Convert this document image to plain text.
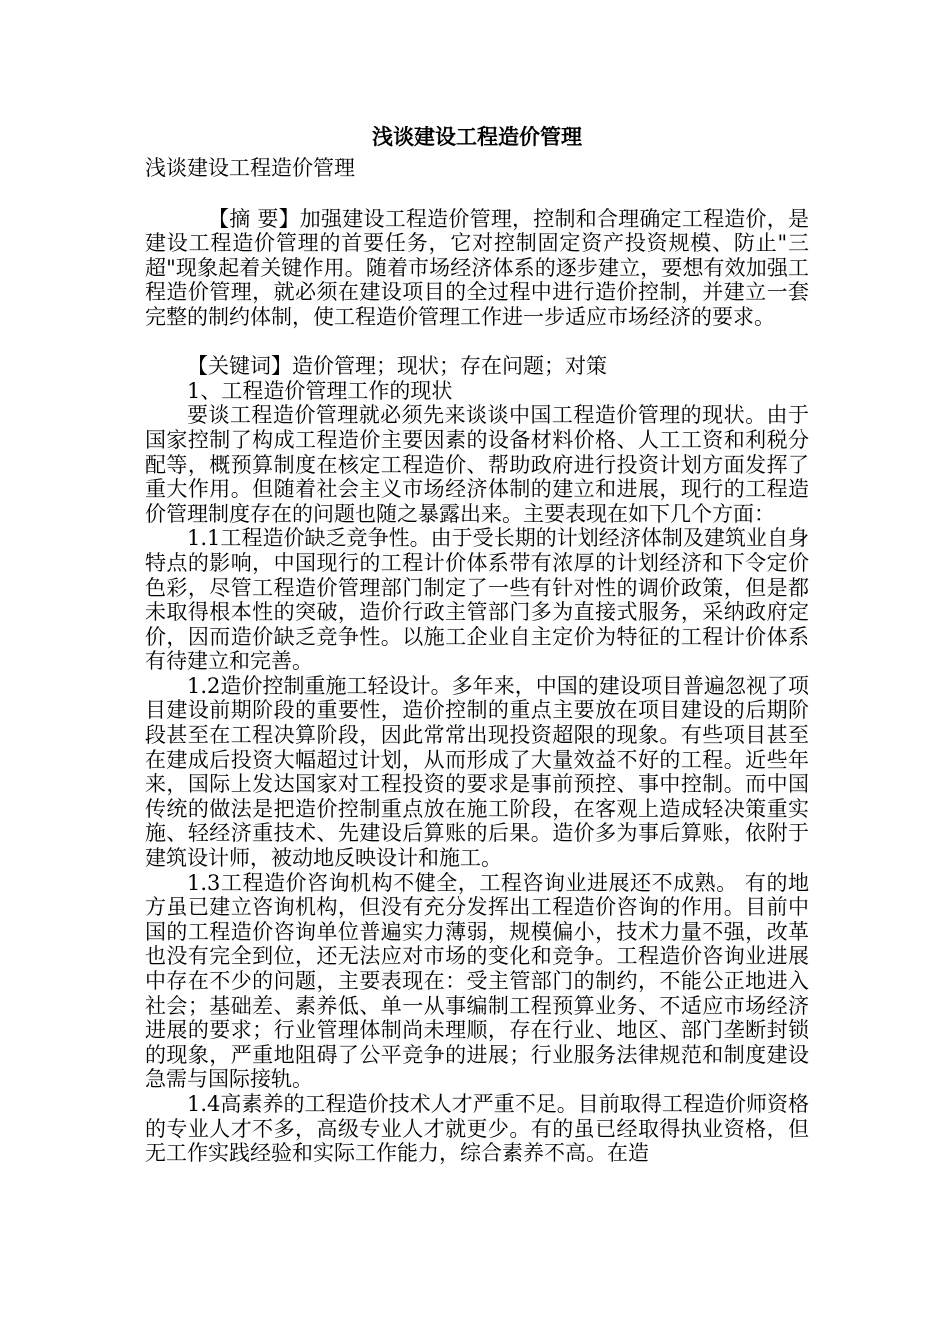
浅谈建设工程造价管理

浅谈建设工程造价管理

【摘 要】加强建设工程造价管理，控制和合理确定工程造价，是建设工程造价管理的首要任务，它对控制固定资产投资规模、防止"三超"现象起着关键作用。随着市场经济体系的逐步建立，要想有效加强工程造价管理，就必须在建设项目的全过程中进行造价控制，并建立一套完整的制约体制，使工程造价管理工作进一步适应市场经济的要求。

【关键词】造价管理；现状；存在问题；对策

1、工程造价管理工作的现状

要谈工程造价管理就必须先来谈谈中国工程造价管理的现状。由于国家控制了构成工程造价主要因素的设备材料价格、人工工资和利税分配等，概预算制度在核定工程造价、帮助政府进行投资计划方面发挥了重大作用。但随着社会主义市场经济体制的建立和进展，现行的工程造价管理制度存在的问题也随之暴露出来。主要表现在如下几个方面：

1.1工程造价缺乏竞争性。由于受长期的计划经济体制及建筑业自身特点的影响，中国现行的工程计价体系带有浓厚的计划经济和下令定价色彩，尽管工程造价管理部门制定了一些有针对性的调价政策，但是都未取得根本性的突破，造价行政主管部门多为直接式服务，采纳政府定价，因而造价缺乏竞争性。以施工企业自主定价为特征的工程计价体系有待建立和完善。

1.2造价控制重施工轻设计。多年来，中国的建设项目普遍忽视了项目建设前期阶段的重要性，造价控制的重点主要放在项目建设的后期阶段甚至在工程决算阶段，因此常常出现投资超限的现象。有些项目甚至在建成后投资大幅超过计划，从而形成了大量效益不好的工程。近些年来，国际上发达国家对工程投资的要求是事前预控、事中控制。而中国传统的做法是把造价控制重点放在施工阶段，在客观上造成轻决策重实施、轻经济重技术、先建设后算账的后果。造价多为事后算账，依附于建筑设计师，被动地反映设计和施工。

1.3工程造价咨询机构不健全，工程咨询业进展还不成熟。 有的地方虽已建立咨询机构，但没有充分发挥出工程造价咨询的作用。目前中国的工程造价咨询单位普遍实力薄弱，规模偏小，技术力量不强，改革也没有完全到位，还无法应对市场的变化和竞争。工程造价咨询业进展中存在不少的问题，主要表现在：受主管部门的制约，不能公正地进入社会；基础差、素养低、单一从事编制工程预算业务、不适应市场经济进展的要求；行业管理体制尚未理顺，存在行业、地区、部门垄断封锁的现象，严重地阻碍了公平竞争的进展；行业服务法律规范和制度建设急需与国际接轨。

1.4高素养的工程造价技术人才严重不足。目前取得工程造价师资格的专业人才不多，高级专业人才就更少。有的虽已经取得执业资格，但无工作实践经验和实际工作能力，综合素养不高。在造
